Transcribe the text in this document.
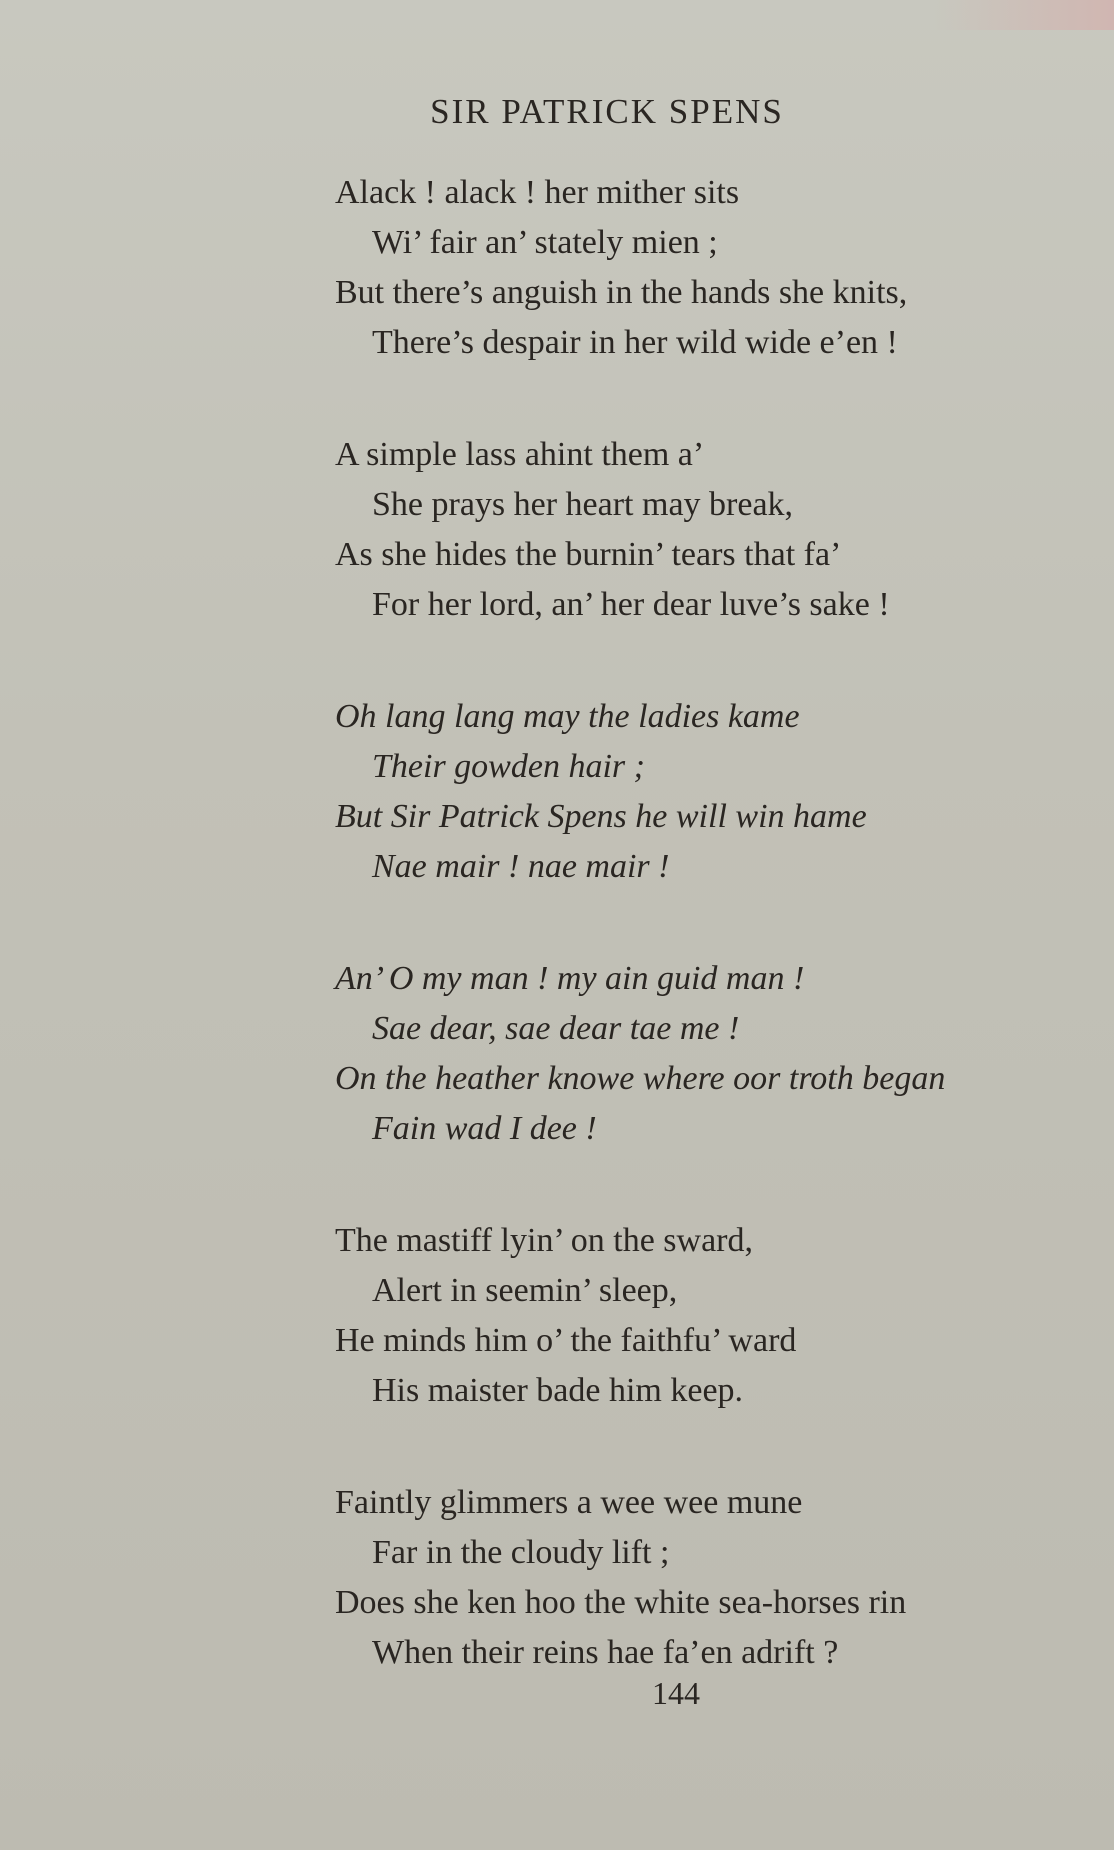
SIR PATRICK SPENS
Alack ! alack ! her mither sits
Wi’ fair an’ stately mien ;
But there’s anguish in the hands she knits,
There’s despair in her wild wide e’en !
A simple lass ahint them a’
She prays her heart may break,
As she hides the burnin’ tears that fa’
For her lord, an’ her dear luve’s sake !
Oh lang lang may the ladies kame
Their gowden hair ;
But Sir Patrick Spens he will win hame
Nae mair ! nae mair !
An’ O my man ! my ain guid man !
Sae dear, sae dear tae me !
On the heather knowe where oor troth began
Fain wad I dee !
The mastiff lyin’ on the sward,
Alert in seemin’ sleep,
He minds him o’ the faithfu’ ward
His maister bade him keep.
Faintly glimmers a wee wee mune
Far in the cloudy lift ;
Does she ken hoo the white sea-horses rin
When their reins hae fa’en adrift ?
144
